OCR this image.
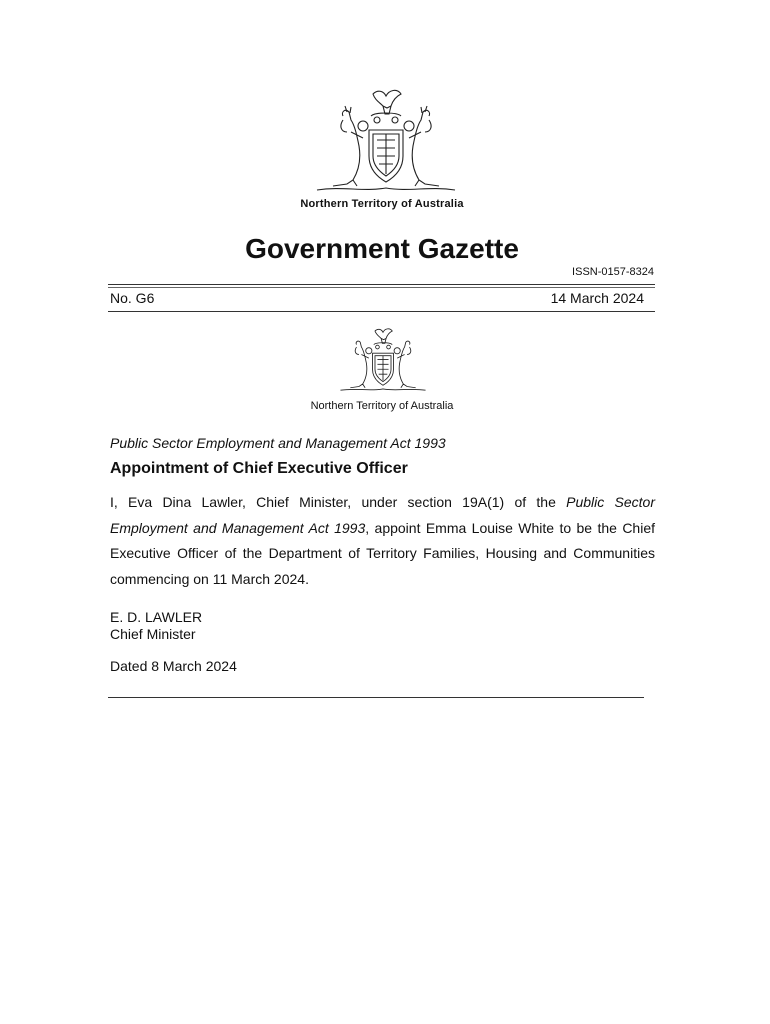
Northern Territory of Australia
Government Gazette
ISSN-0157-8324
No. G6	14 March 2024
Northern Territory of Australia
Public Sector Employment and Management Act 1993
Appointment of Chief Executive Officer
I, Eva Dina Lawler, Chief Minister, under section 19A(1) of the Public Sector Employment and Management Act 1993, appoint Emma Louise White to be the Chief Executive Officer of the Department of Territory Families, Housing and Communities commencing on 11 March 2024.
E. D. LAWLER
Chief Minister
Dated 8 March 2024
